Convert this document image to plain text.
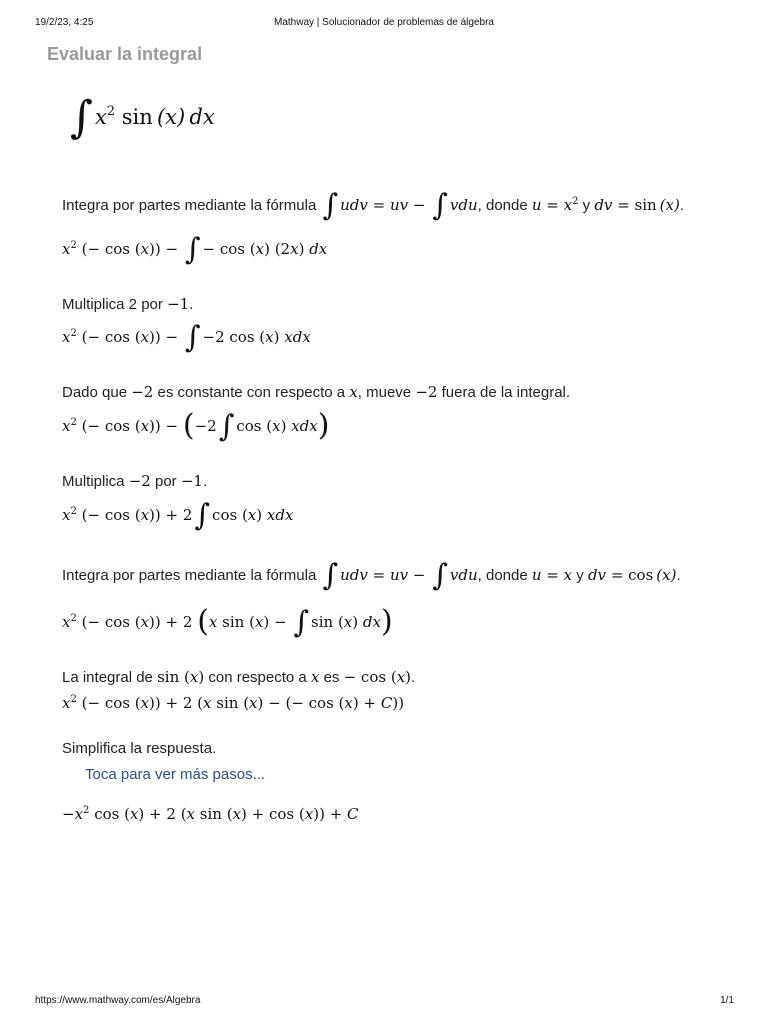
19/2/23, 4:25	Mathway | Solucionador de problemas de álgebra
Evaluar la integral
$\int x^2$ sin (x) dx
Integra por partes mediante la fórmula ∫ udv = uv − ∫ vdu, donde $u = x^2$ y dv = sin (x).
$x^2$ (− cos (x)) − ∫ − cos (x) (2x) dx
Multiplica 2 por −1.
$x^2$ (− cos (x)) − ∫ −2 cos (x) xdx
Dado que −2 es constante con respecto a x, mueve −2 fuera de la integral.
$x^2$ (− cos (x)) − (−2∫ cos (x) xdx)
Multiplica −2 por −1.
$x^2$ (− cos (x)) + 2∫ cos (x) xdx
Integra por partes mediante la fórmula ∫ udv = uv − ∫ vdu, donde u = x y dv = cos (x).
$x^2$ (− cos (x)) + 2 (x sin (x) − ∫ sin (x) dx)
La integral de sin (x) con respecto a x es − cos (x).
$x^2$ (− cos (x)) + 2 (x sin (x) − (− cos (x) + C))
Simplifica la respuesta.
Toca para ver más pasos...
$-x^2$ cos (x) + 2 (x sin (x) + cos (x)) + C
https://www.mathway.com/es/Algebra	1/1
